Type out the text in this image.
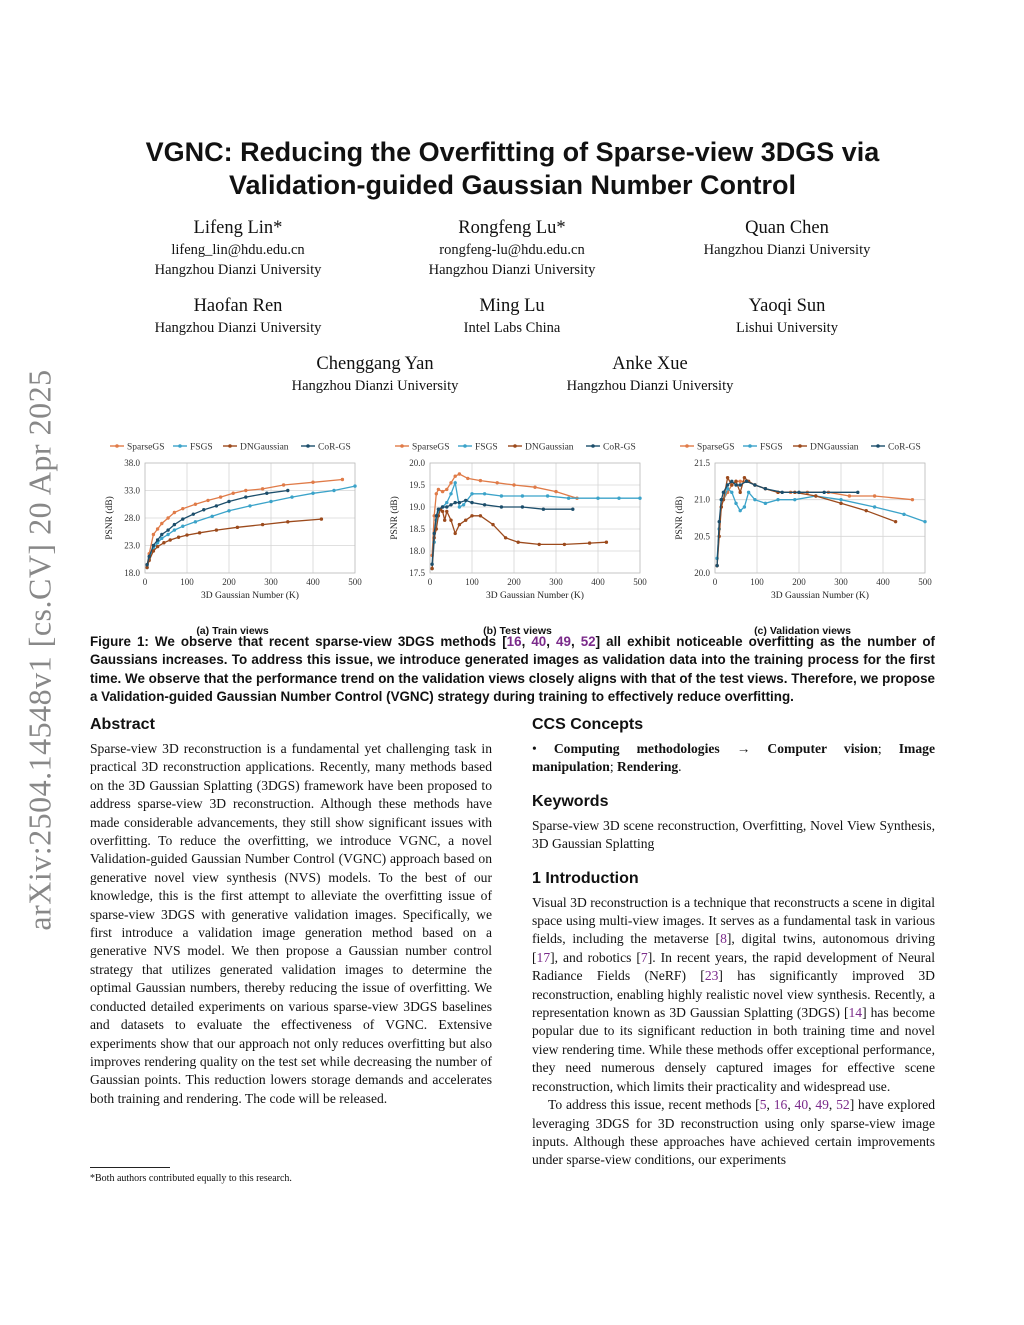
arXiv:2504.14548v1 [cs.CV] 20 Apr 2025
VGNC: Reducing the Overfitting of Sparse-view 3DGS via
Validation-guided Gaussian Number Control
Lifeng Lin*
lifeng_lin@hdu.edu.cn
Hangzhou Dianzi University
Rongfeng Lu*
rongfeng-lu@hdu.edu.cn
Hangzhou Dianzi University
Quan Chen
Hangzhou Dianzi University
Haofan Ren
Hangzhou Dianzi University
Ming Lu
Intel Labs China
Yaoqi Sun
Lishui University
Chenggang Yan
Hangzhou Dianzi University
Anke Xue
Hangzhou Dianzi University
SparseGS	FSGS	DNGaussian	CoR-GS
18.0
23.0
28.0
33.0
38.0
0	100	200	300	400	500
3D Gaussian Number (K)
PSNR (dB)
(a) Train views
SparseGS	FSGS	DNGaussian	CoR-GS
17.5
18.0
18.5
19.0
19.5
20.0
0	100	200	300	400	500
3D Gaussian Number (K)
PSNR (dB)
(b) Test views
SparseGS	FSGS	DNGaussian	CoR-GS
20.0
20.5
21.0
21.5
0	100	200	300	400	500
3D Gaussian Number (K)
PSNR (dB)
(c) Validation views
Figure 1: We observe that recent sparse-view 3DGS methods [16, 40, 49, 52] all exhibit noticeable overfitting as the number of Gaussians increases. To address this issue, we introduce generated images as validation data into the training process for the first time. We observe that the performance trend on the validation views closely aligns with that of the test views. Therefore, we propose a Validation-guided Gaussian Number Control (VGNC) strategy during training to effectively reduce overfitting.
Abstract

Sparse-view 3D reconstruction is a fundamental yet challenging task in practical 3D reconstruction applications. Recently, many methods based on the 3D Gaussian Splatting (3DGS) framework have been proposed to address sparse-view 3D reconstruction. Although these methods have made considerable advancements, they still show significant issues with overfitting. To reduce the overfitting, we introduce VGNC, a novel Validation-guided Gaussian Number Control (VGNC) approach based on generative novel view synthesis (NVS) models. To the best of our knowledge, this is the first attempt to alleviate the overfitting issue of sparse-view 3DGS with generative validation images. Specifically, we first introduce a validation image generation method based on a generative NVS model. We then propose a Gaussian number control strategy that utilizes generated validation images to determine the optimal Gaussian numbers, thereby reducing the issue of overfitting. We conducted detailed experiments on various sparse-view 3DGS baselines and datasets to evaluate the effectiveness of VGNC. Extensive experiments show that our approach not only reduces overfitting but also improves rendering quality on the test set while decreasing the number of Gaussian points. This reduction lowers storage demands and accelerates both training and rendering. The code will be released.

CCS Concepts

• Computing methodologies → Computer vision; Image manipulation; Rendering.

Keywords

Sparse-view 3D scene reconstruction, Overfitting, Novel View Synthesis, 3D Gaussian Splatting

1 Introduction

Visual 3D reconstruction is a technique that reconstructs a scene in digital space using multi-view images. It serves as a fundamental task in various fields, including the metaverse [8], digital twins, autonomous driving [17], and robotics [7]. In recent years, the rapid development of Neural Radiance Fields (NeRF) [23] has significantly improved 3D reconstruction, enabling highly realistic novel view synthesis. Recently, a representation known as 3D Gaussian Splatting (3DGS) [14] has become popular due to its significant reduction in both training time and novel view rendering time. While these methods offer exceptional performance, they need numerous densely captured images for effective scene reconstruction, which limits their practicality and widespread use.

To address this issue, recent methods [5, 16, 40, 49, 52] have explored leveraging 3DGS for 3D reconstruction using only sparse-view image inputs. Although these approaches have achieved certain improvements under sparse-view conditions, our experiments

*Both authors contributed equally to this research.
